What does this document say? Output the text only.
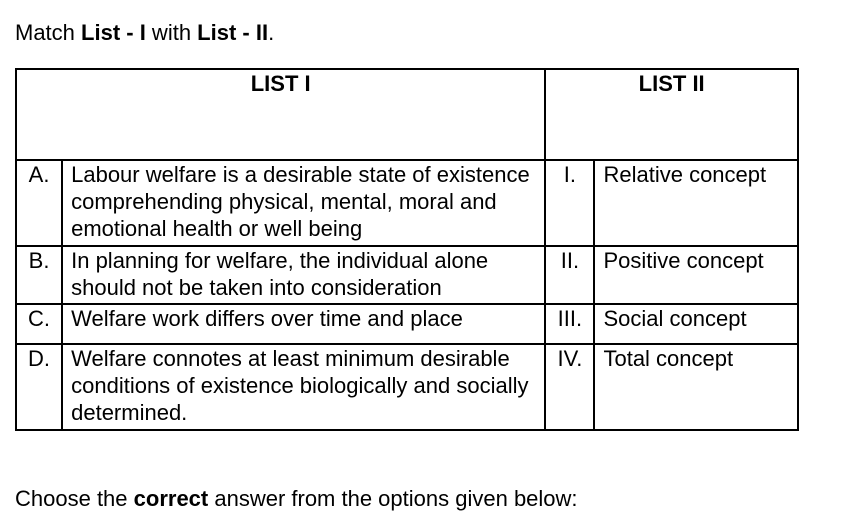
Match List - I with List - II.

LIST I		LIST II	
A.	Labour welfare is a desirable state of existence comprehending physical, mental, moral and emotional health or well being	I.	Relative concept
B.	In planning for welfare, the individual alone should not be taken into consideration	II.	Positive concept
C.	Welfare work differs over time and place	III.	Social concept
D.	Welfare connotes at least minimum desirable conditions of existence biologically and socially determined.	IV.	Total concept

Choose the correct answer from the options given below:
